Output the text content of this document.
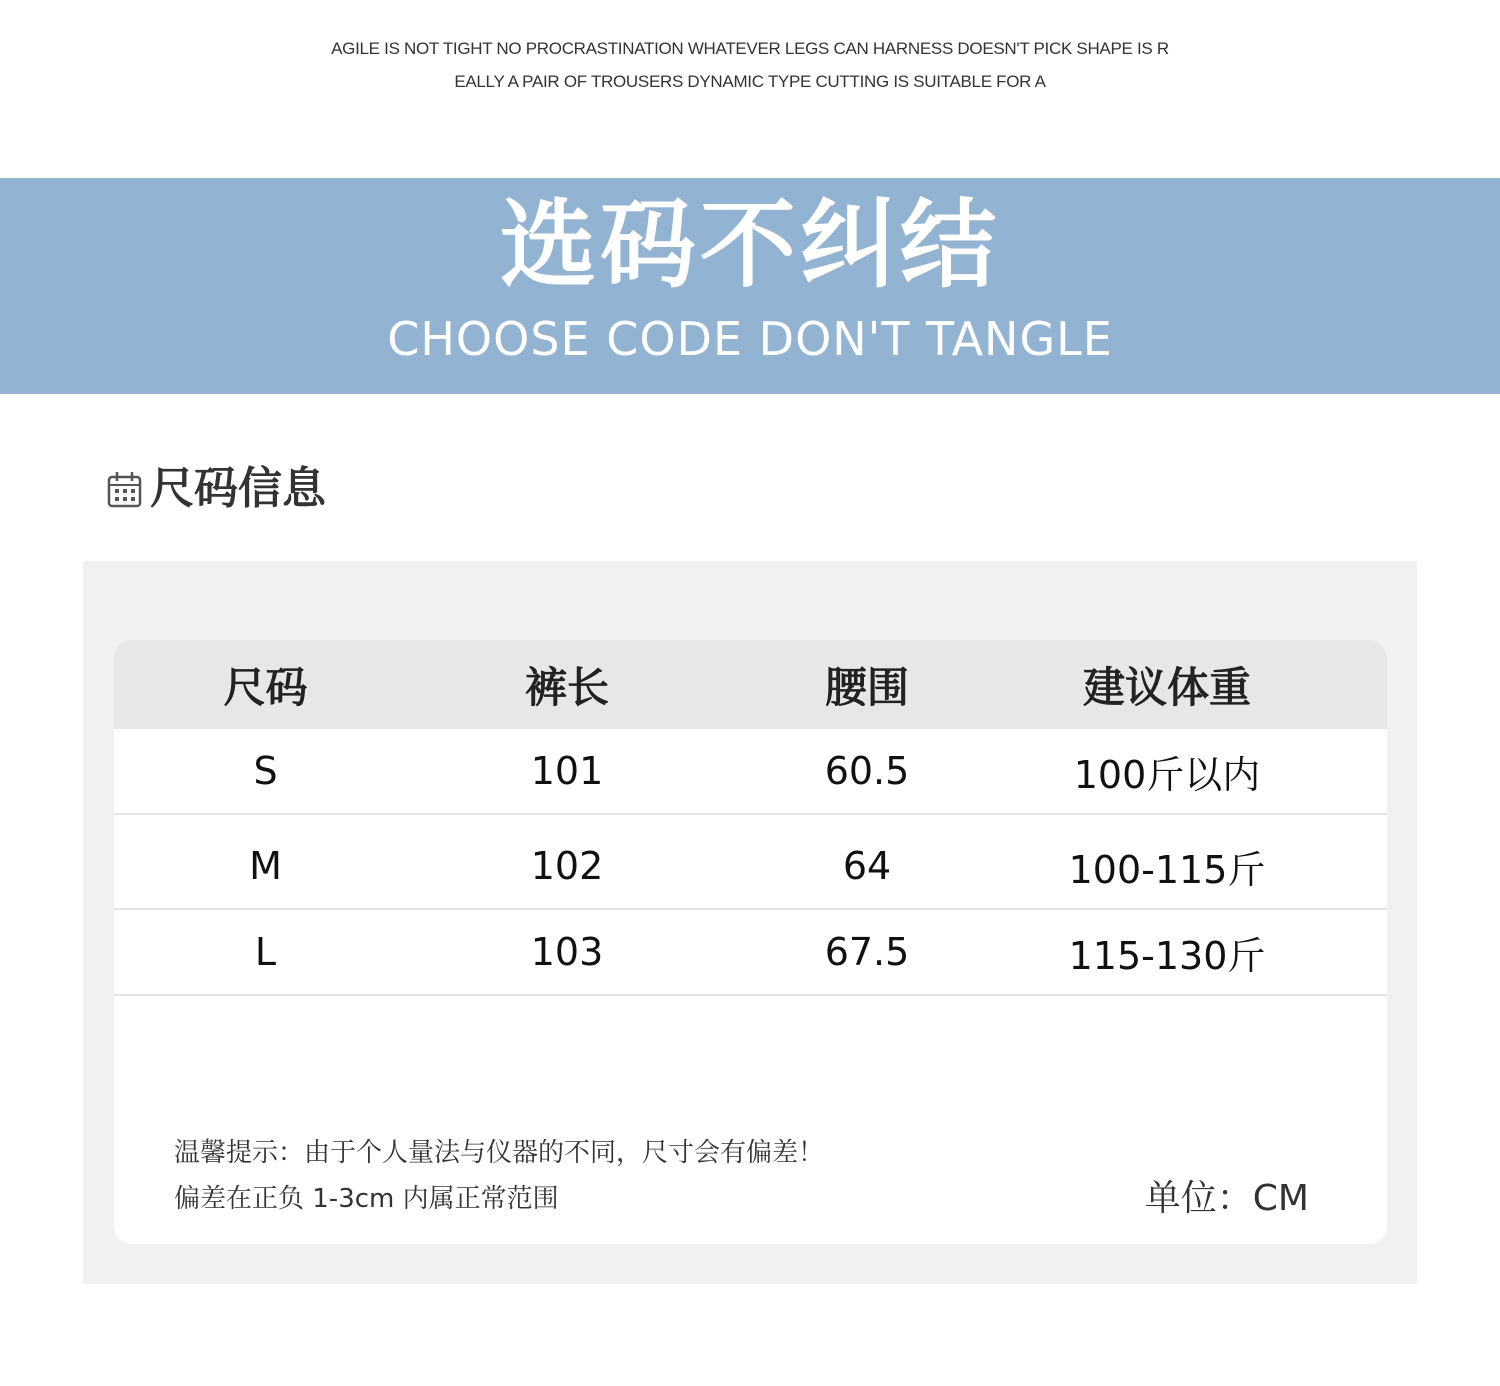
AGILE IS NOT TIGHT NO PROCRASTINATION WHATEVER LEGS CAN HARNESS DOESN'T PICK SHAPE IS R
EALLY A PAIR OF TROUSERS DYNAMIC TYPE CUTTING IS SUITABLE FOR A
选码不纠结
CHOOSE CODE DON'T TANGLE
尺码信息
尺码	裤长	腰围	建议体重
S	101	60.5	100斤以内
M	102	64	100-115斤
L	103	67.5	115-130斤
温馨提示：由于个人量法与仪器的不同，尺寸会有偏差！
偏差在正负 1-3cm 内属正常范围	单位：CM
